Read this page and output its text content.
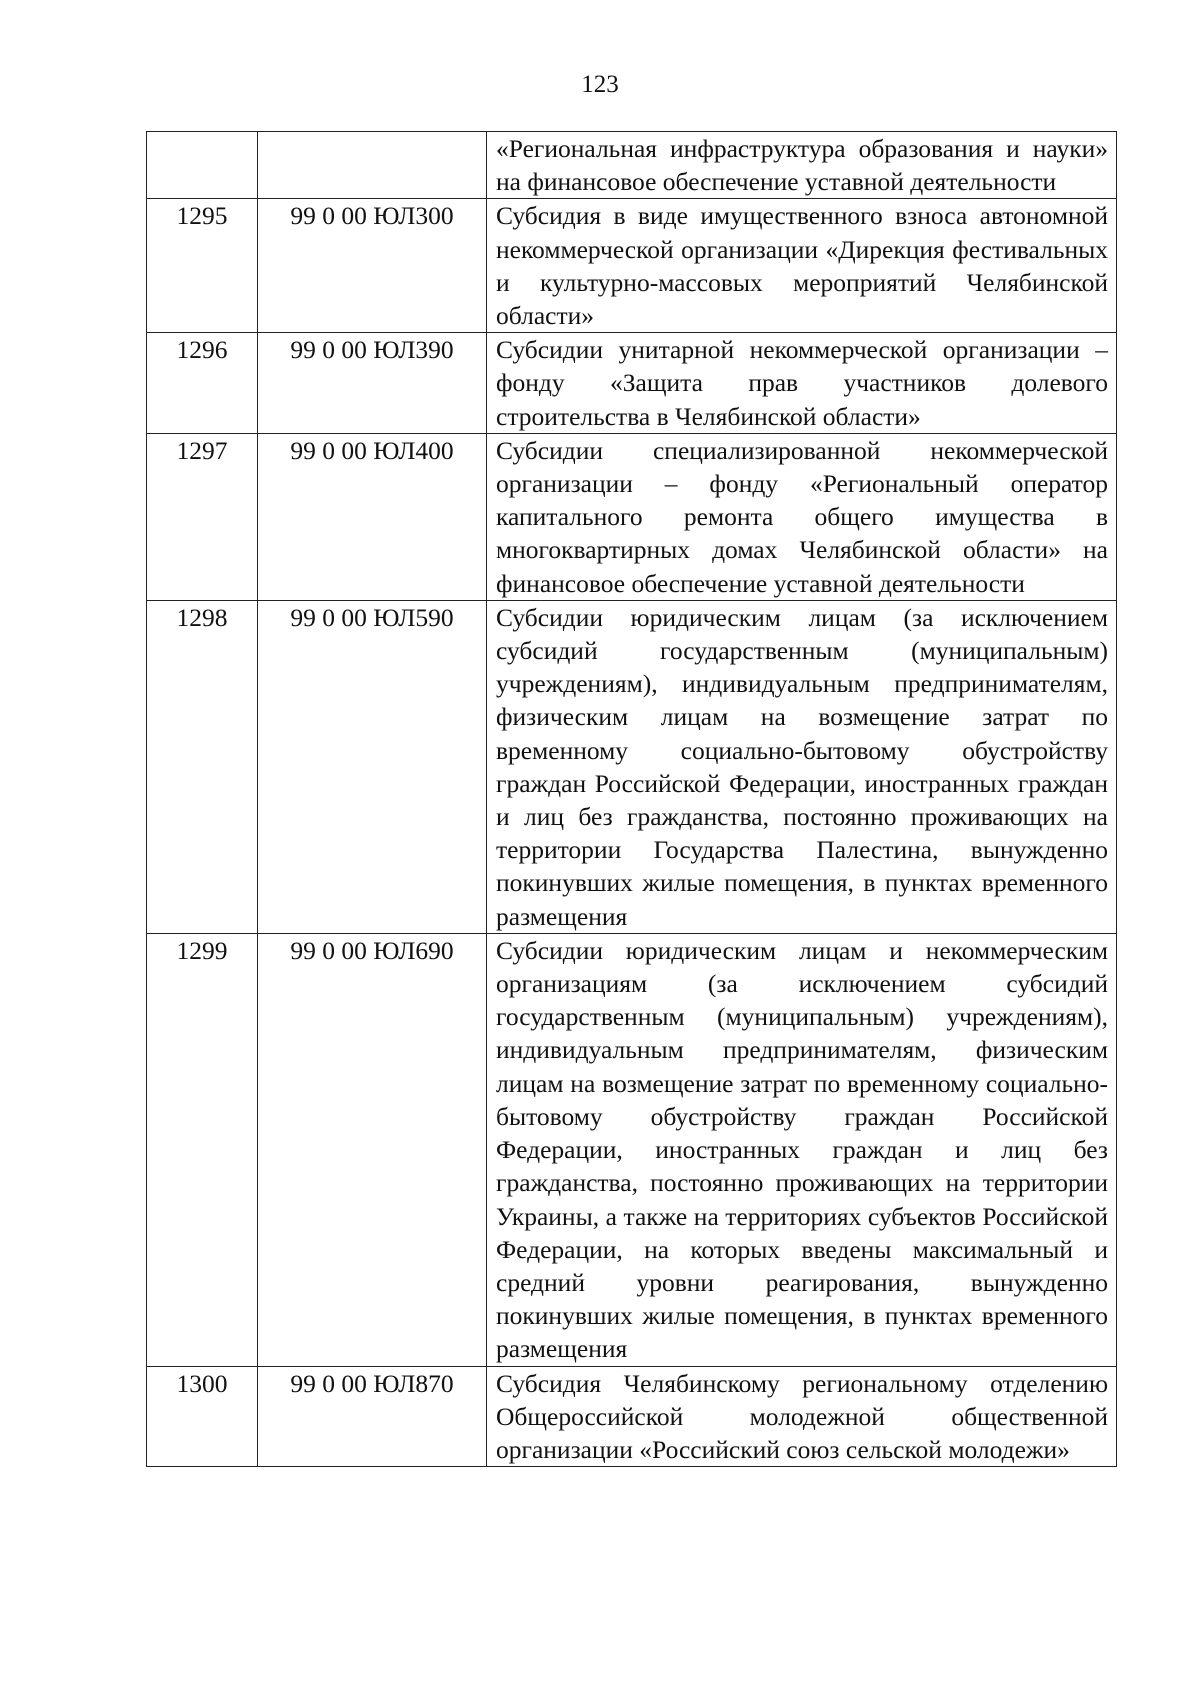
123

		«Региональная инфраструктура образования и науки» на финансовое обеспечение уставной деятельности

1295	99 0 00 ЮЛ300	Субсидия в виде имущественного взноса автономной некоммерческой организации «Дирекция фестивальных и культурно-массовых мероприятий Челябинской области»

1296	99 0 00 ЮЛ390	Субсидии унитарной некоммерческой организации – фонду «Защита прав участников долевого строительства в Челябинской области»

1297	99 0 00 ЮЛ400	Субсидии специализированной некоммерческой организации – фонду «Региональный оператор капитального ремонта общего имущества в многоквартирных домах Челябинской области» на финансовое обеспечение уставной деятельности

1298	99 0 00 ЮЛ590	Субсидии юридическим лицам (за исключением субсидий государственным (муниципальным) учреждениям), индивидуальным предпринимателям, физическим лицам на возмещение затрат по временному социально-бытовому обустройству граждан Российской Федерации, иностранных граждан и лиц без гражданства, постоянно проживающих на территории Государства Палестина, вынужденно покинувших жилые помещения, в пунктах временного размещения

1299	99 0 00 ЮЛ690	Субсидии юридическим лицам и некоммерческим организациям (за исключением субсидий государственным (муниципальным) учреждениям), индивидуальным предпринимателям, физическим лицам на возмещение затрат по временному социально-бытовому обустройству граждан Российской Федерации, иностранных граждан и лиц без гражданства, постоянно проживающих на территории Украины, а также на территориях субъектов Российской Федерации, на которых введены максимальный и средний уровни реагирования, вынужденно покинувших жилые помещения, в пунктах временного размещения

1300	99 0 00 ЮЛ870	Субсидия Челябинскому региональному отделению Общероссийской молодежной общественной организации «Российский союз сельской молодежи»
